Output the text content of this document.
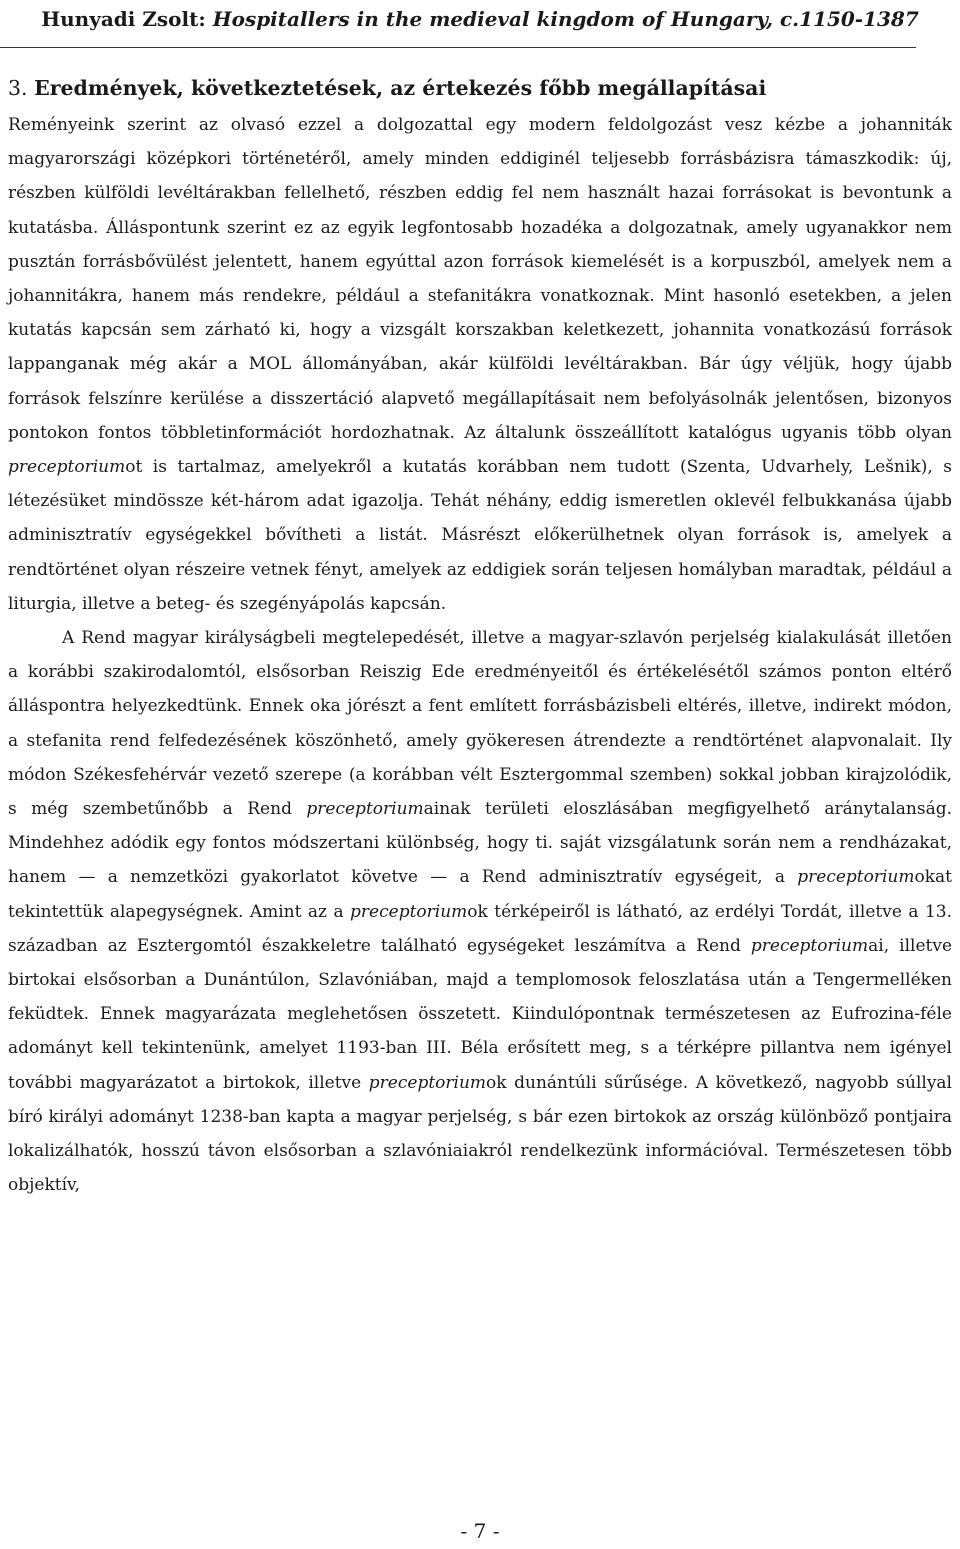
Hunyadi Zsolt: Hospitallers in the medieval kingdom of Hungary, c.1150-1387
3. Eredmények, következtetések, az értekezés főbb megállapításai

Reményeink szerint az olvasó ezzel a dolgozattal egy modern feldolgozást vesz kézbe a johanniták magyarországi középkori történetéről, amely minden eddiginél teljesebb forrásbázisra támaszkodik: új, részben külföldi levéltárakban fellelhető, részben eddig fel nem használt hazai forrásokat is bevontunk a kutatásba. Álláspontunk szerint ez az egyik legfontosabb hozadéka a dolgozatnak, amely ugyanakkor nem pusztán forrásbővülést jelentett, hanem egyúttal azon források kiemelését is a korpuszból, amelyek nem a johannitákra, hanem más rendekre, például a stefanitákra vonatkoznak. Mint hasonló esetekben, a jelen kutatás kapcsán sem zárható ki, hogy a vizsgált korszakban keletkezett, johannita vonatkozású források lappanganak még akár a MOL állományában, akár külföldi levéltárakban. Bár úgy véljük, hogy újabb források felszínre kerülése a disszertáció alapvető megállapításait nem befolyásolnák jelentősen, bizonyos pontokon fontos többletinformációt hordozhatnak. Az általunk összeállított katalógus ugyanis több olyan preceptoriumot is tartalmaz, amelyekről a kutatás korábban nem tudott (Szenta, Udvarhely, Lešnik), s létezésüket mindössze két-három adat igazolja. Tehát néhány, eddig ismeretlen oklevél felbukkanása újabb adminisztratív egységekkel bővítheti a listát. Másrészt előkerülhetnek olyan források is, amelyek a rendtörténet olyan részeire vetnek fényt, amelyek az eddigiek során teljesen homályban maradtak, például a liturgia, illetve a beteg- és szegényápolás kapcsán.

A Rend magyar királyságbeli megtelepedését, illetve a magyar-szlavón perjelség kialakulását illetően a korábbi szakirodalomtól, elsősorban Reiszig Ede eredményeitől és értékelésétől számos ponton eltérő álláspontra helyezkedtünk. Ennek oka jórészt a fent említett forrásbázisbeli eltérés, illetve, indirekt módon, a stefanita rend felfedezésének köszönhető, amely gyökeresen átrendezte a rendtörténet alapvonalait. Ily módon Székesfehérvár vezető szerepe (a korábban vélt Esztergommal szemben) sokkal jobban kirajzolódik, s még szembetűnőbb a Rend preceptoriumainak területi eloszlásában megfigyelhető aránytalanság. Mindehhez adódik egy fontos módszertani különbség, hogy ti. saját vizsgálatunk során nem a rendházakat, hanem — a nemzetközi gyakorlatot követve — a Rend adminisztratív egységeit, a preceptoriumokat tekintettük alapegységnek. Amint az a preceptoriumok térképeiről is látható, az erdélyi Tordát, illetve a 13. században az Esztergomtól északkeletre található egységeket leszámítva a Rend preceptoriumai, illetve birtokai elsősorban a Dunántúlon, Szlavóniában, majd a templomosok feloszlatása után a Tengermelléken feküdtek. Ennek magyarázata meglehetősen összetett. Kiindulópontnak természetesen az Eufrozina-féle adományt kell tekintenünk, amelyet 1193-ban III. Béla erősített meg, s a térképre pillantva nem igényel további magyarázatot a birtokok, illetve preceptoriumok dunántúli sűrűsége. A következő, nagyobb súllyal bíró királyi adományt 1238-ban kapta a magyar perjelség, s bár ezen birtokok az ország különböző pontjaira lokalizálhatók, hosszú távon elsősorban a szlavóniaiakról rendelkezünk információval. Természetesen több objektív,

- 7 -
